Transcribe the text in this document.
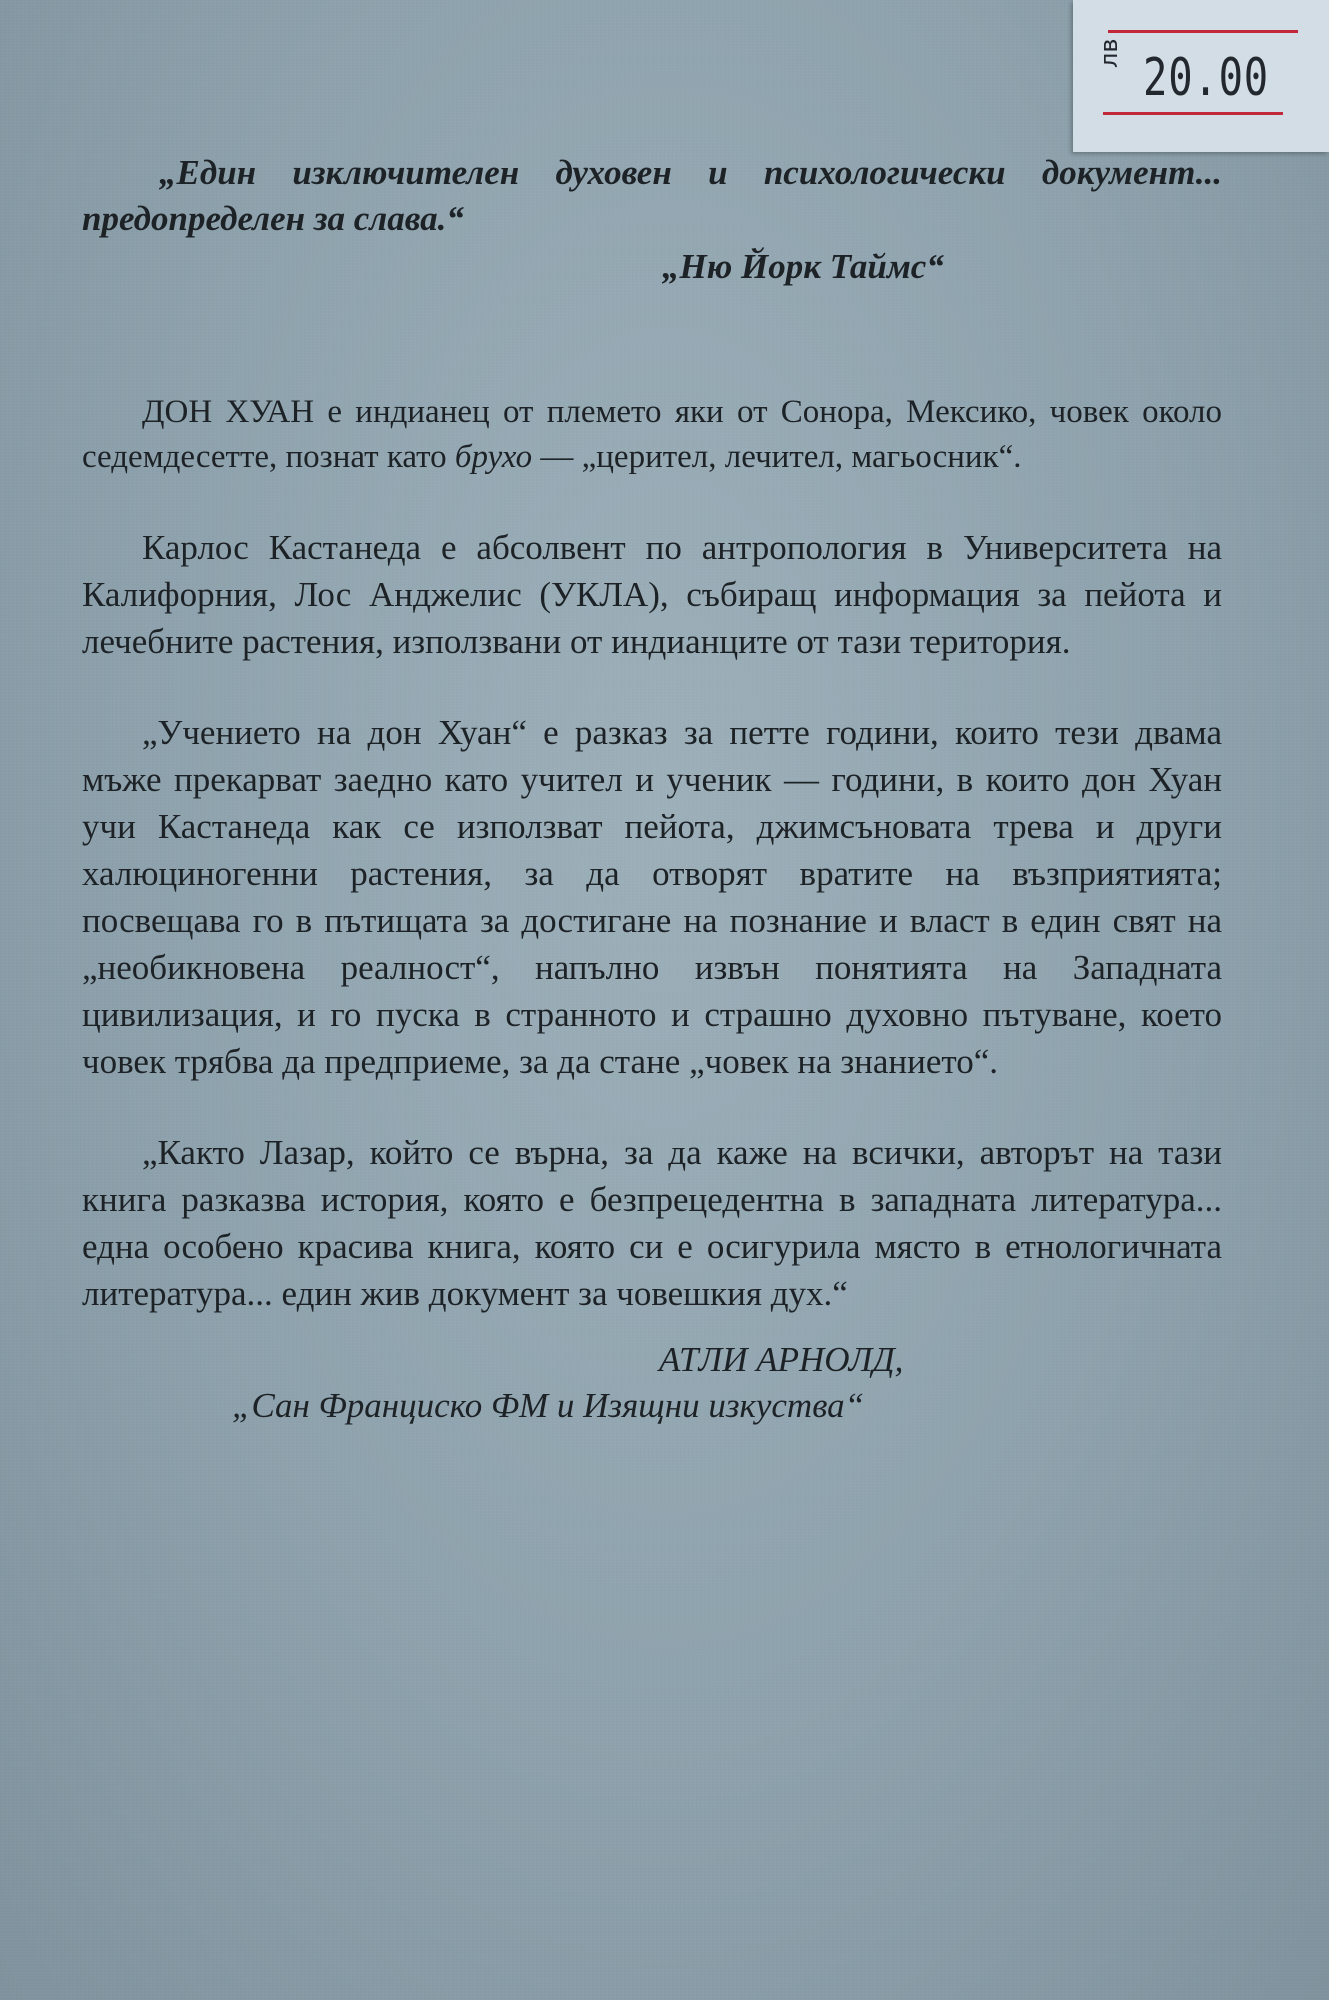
лв 20.00

„Един изключителен духовен и психологически документ... предопределен за слава.“

„Ню Йорк Таймс“

ДОН ХУАН е индианец от племето яки от Сонора, Мексико, човек около седемдесетте, познат като брухо — „церител, лечител, магьосник“.

Карлос Кастанеда е абсолвент по антропология в Университета на Калифорния, Лос Анджелис (УКЛА), събиращ информация за пейота и лечебните растения, използвани от индианците от тази територия.

„Учението на дон Хуан“ е разказ за петте години, които тези двама мъже прекарват заедно като учител и ученик — години, в които дон Хуан учи Кастанеда как се използват пейота, джимсъновата трева и други халюциногенни растения, за да отворят вратите на възприятията; посвещава го в пътищата за достигане на познание и власт в един свят на „необикновена реалност“, напълно извън понятията на Западната цивилизация, и го пуска в странното и страшно духовно пътуване, което човек трябва да предприеме, за да стане „човек на знанието“.

„Както Лазар, който се върна, за да каже на всички, авторът на тази книга разказва история, която е безпрецедентна в западната литература... една особено красива книга, която си е осигурила място в етнологичната литература... един жив документ за човешкия дух.“

АТЛИ АРНОЛД,

„Сан Франциско ФМ и Изящни изкуства“
